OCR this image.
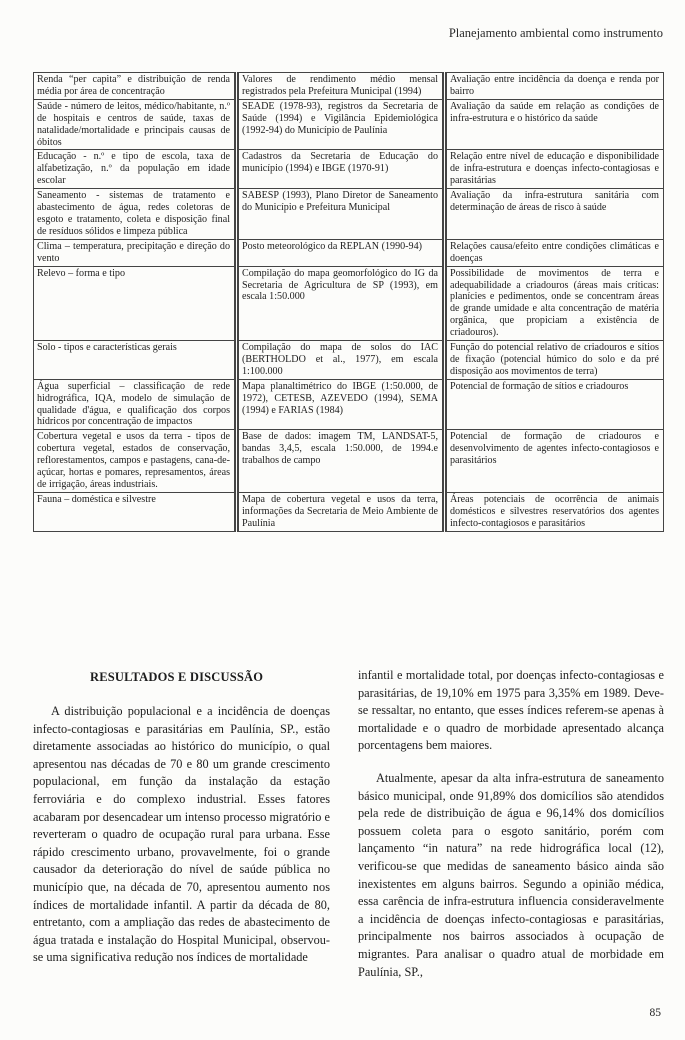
Planejamento ambiental como instrumento
Renda “per capita” e distribuição de renda média por área de concentração	Valores de rendimento médio mensal registrados pela Prefeitura Municipal (1994)	Avaliação entre incidência da doença e renda por bairro
Saúde - número de leitos, médico/habitante, n.º de hospitais e centros de saúde, taxas de natalidade/mortalidade e principais causas de óbitos	SEADE (1978-93), registros da Secretaria de Saúde (1994) e Vigilância Epidemiológica (1992-94) do Município de Paulínia	Avaliação da saúde em relação as condições de infra-estrutura e o histórico da saúde
Educação - n.º e tipo de escola, taxa de alfabetização, n.º da população em idade escolar	Cadastros da Secretaria de Educação do município (1994) e IBGE (1970-91)	Relação entre nível de educação e disponibilidade de infra-estrutura e doenças infecto-contagiosas e parasitárias
Saneamento - sistemas de tratamento e abastecimento de água, redes coletoras de esgoto e tratamento, coleta e disposição final de resíduos sólidos e limpeza pública	SABESP (1993), Plano Diretor de Saneamento do Município e Prefeitura Municipal	Avaliação da infra-estrutura sanitária com determinação de áreas de risco à saúde
Clima – temperatura, precipitação e direção do vento	Posto meteorológico da REPLAN (1990-94)	Relações causa/efeito entre condições climáticas e doenças
Relevo – forma e tipo	Compilação do mapa geomorfológico do IG da Secretaria de Agricultura de SP (1993), em escala 1:50.000	Possibilidade de movimentos de terra e adequabilidade a criadouros (áreas mais críticas: planícies e pedimentos, onde se concentram áreas de grande umidade e alta concentração de matéria orgânica, que propiciam a existência de criadouros).
Solo - tipos e características gerais	Compilação do mapa de solos do IAC (BERTHOLDO et al., 1977), em escala 1:100.000	Função do potencial relativo de criadouros e sítios de fixação (potencial húmico do solo e da pré disposição aos movimentos de terra)
Água superficial – classificação de rede hidrográfica, IQA, modelo de simulação de qualidade d'água, e qualificação dos corpos hídricos por concentração de impactos	Mapa planaltimétrico do IBGE (1:50.000, de 1972), CETESB, AZEVEDO (1994), SEMA (1994) e FARIAS (1984)	Potencial de formação de sítios e criadouros
Cobertura vegetal e usos da terra - tipos de cobertura vegetal, estados de conservação, reflorestamentos, campos e pastagens, cana-de-açúcar, hortas e pomares, represamentos, áreas de irrigação, áreas industriais.	Base de dados: imagem TM, LANDSAT-5, bandas 3,4,5, escala 1:50.000, de 1994.e trabalhos de campo	Potencial de formação de criadouros e desenvolvimento de agentes infecto-contagiosos e parasitários
Fauna – doméstica e silvestre	Mapa de cobertura vegetal e usos da terra, informações da Secretaria de Meio Ambiente de Paulínia	Áreas potenciais de ocorrência de animais domésticos e silvestres reservatórios dos agentes infecto-contagiosos e parasitários
RESULTADOS E DISCUSSÃO

A distribuição populacional e a incidência de doenças infecto-contagiosas e parasitárias em Paulínia, SP., estão diretamente associadas ao histórico do município, o qual apresentou nas décadas de 70 e 80 um grande crescimento populacional, em função da instalação da estação ferroviária e do complexo industrial. Esses fatores acabaram por desencadear um intenso processo migratório e reverteram o quadro de ocupação rural para urbana. Esse rápido crescimento urbano, provavelmente, foi o grande causador da deterioração do nível de saúde pública no município que, na década de 70, apresentou aumento nos índices de mortalidade infantil. A partir da década de 80, entretanto, com a ampliação das redes de abastecimento de água tratada e instalação do Hospital Municipal, observou-se uma significativa redução nos índices de mortalidade

infantil e mortalidade total, por doenças infecto-contagiosas e parasitárias, de 19,10% em 1975 para 3,35% em 1989. Deve-se ressaltar, no entanto, que esses índices referem-se apenas à mortalidade e o quadro de morbidade apresentado alcança porcentagens bem maiores.

Atualmente, apesar da alta infra-estrutura de saneamento básico municipal, onde 91,89% dos domicílios são atendidos pela rede de distribuição de água e 96,14% dos domicílios possuem coleta para o esgoto sanitário, porém com lançamento “in natura” na rede hidrográfica local (12), verificou-se que medidas de saneamento básico ainda são inexistentes em alguns bairros. Segundo a opinião médica, essa carência de infra-estrutura influencia consideravelmente a incidência de doenças infecto-contagiosas e parasitárias, principalmente nos bairros associados à ocupação de migrantes. Para analisar o quadro atual de morbidade em Paulínia, SP.,

85
